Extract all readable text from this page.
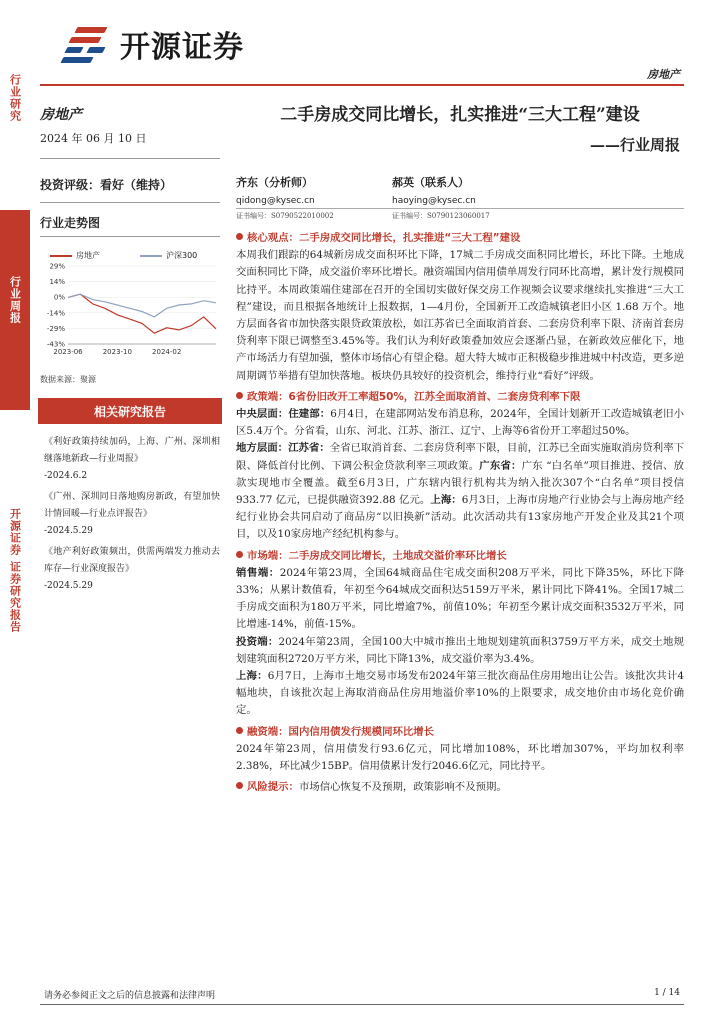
开源证券
房地产
行业研究
行业周报
开源证券 证券研究报告
房地产
2024 年 06 月 10 日
投资评级：看好（维持）
行业走势图
房地产	沪深300
29%
14%
0%
-14%
-29%
-43%
2023-06	2023-10	2024-02
数据来源：聚源
相关研究报告
《利好政策持续加码，上海、广州、深圳相继落地新政—行业周报》
-2024.6.2
《广州、深圳同日落地购房新政，有望加快计情回暖—行业点评报告》
-2024.5.29
《地产利好政策频出，供需两端发力推动去库存—行业深度报告》
-2024.5.29
二手房成交同比增长，扎实推进“三大工程”建设
——行业周报
齐东（分析师）
qidong@kysec.cn
证书编号：S0790522010002
郝英（联系人）
haoying@kysec.cn
证书编号：S0790123060017
核心观点：二手房成交同比增长，扎实推进“三大工程”建设
本周我们跟踪的64城新房成交面积环比下降，17城二手房成交面积同比增长，环比下降。土地成交面积同比下降，成交溢价率环比增长。融资端国内信用债单周发行同环比高增，累计发行规模同比持平。本周政策端住建部在召开的全国切实做好保交房工作视频会议要求继续扎实推进“三大工程”建设，而且根据各地统计上报数据，1—4月份，全国新开工改造城镇老旧小区 1.68 万个。地方层面各省市加快落实限贷政策放松，如江苏省已全面取消首套、二套房贷利率下限、济南首套房贷利率下限已调整至3.45%等。我们认为利好政策叠加效应会逐渐凸显，在新政效应催化下，地产市场活力有望加强，整体市场信心有望企稳。超大特大城市正积极稳步推进城中村改造，更多逆周期调节举措有望加快落地。板块仍具较好的投资机会，维持行业“看好”评级。
政策端：6省份旧改开工率超50%，江苏全面取消首、二套房贷利率下限
中央层面：住建部：6月4日，在建部网站发布消息称，2024年，全国计划新开工改造城镇老旧小区5.4万个。分省看，山东、河北、江苏、浙江、辽宁、上海等6省份开工率超过50%。
地方层面：江苏省：全省已取消首套、二套房贷利率下限，目前，江苏已全面实施取消房贷利率下限、降低首付比例、下调公积金贷款利率三项政策。广东省：广东 “白名单”项目推进、授信、放款实现地市全覆盖。截至6月3日，广东辖内银行机构共为纳入批次307个“白名单”项目授信 933.77 亿元，已提供融资392.88 亿元。上海：6月3日，上海市房地产行业协会与上海房地产经纪行业协会共同启动了商品房“以旧换新”活动。此次活动共有13家房地产开发企业及其21个项目，以及10家房地产经纪机构参与。
市场端：二手房成交同比增长，土地成交溢价率环比增长
销售端：2024年第23周，全国64城商品住宅成交面积208万平米，同比下降35%，环比下降33%；从累计数值看，年初至今64城成交面积达5159万平米，累计同比下降41%。全国17城二手房成交面积为180万平米，同比增逾7%，前值10%；年初至今累计成交面积3532万平米，同比增速-14%，前值-15%。
投资端：2024年第23周，全国100大中城市推出土地规划建筑面积3759万平方米，成交土地规划建筑面积2720万平方米，同比下降13%，成交溢价率为3.4%。
上海：6月7日，上海市土地交易市场发布2024年第三批次商品住房用地出让公告。该批次共计4幅地块，自该批次起上海取消商品住房用地溢价率10%的上限要求，成交地价由市场化竞价确定。
融资端：国内信用债发行规模同环比增长
2024年第23周，信用债发行93.6亿元，同比增加108%，环比增加307%，平均加权利率2.38%，环比减少15BP。信用债累计发行2046.6亿元，同比持平。
风险提示：市场信心恢复不及预期，政策影响不及预期。
请务必参阅正文之后的信息披露和法律声明	1 / 14
